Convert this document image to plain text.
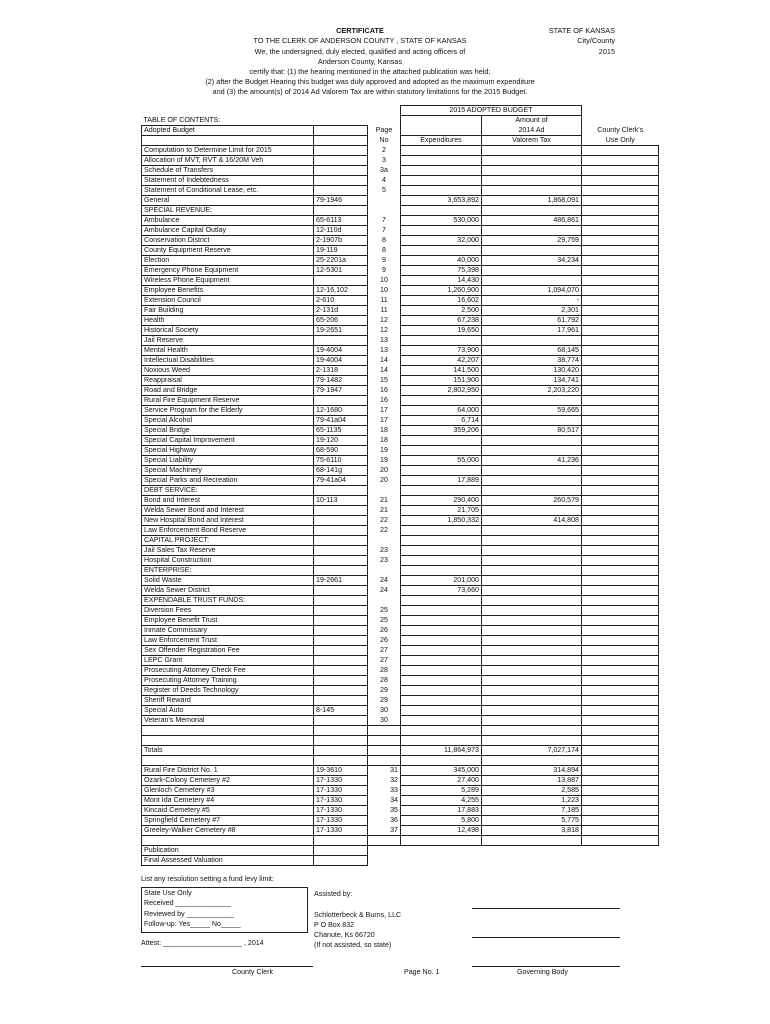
CERTIFICATE
TO THE CLERK OF ANDERSON COUNTY , STATE OF KANSAS
We, the undersigned, duly elected, qualified and acting officers of
Anderson County, Kansas
STATE OF KANSAS
City/County
2015
certify that: (1) the hearing mentioned in the attached publication was held;
(2) after the Budget Hearing this budget was duly approved and adopted as the maximum expenditure
and (3) the amount(s) of 2014 Ad Valorem Tax are within statutory limitations for the 2015 Budget.
			2015 ADOPTED BUDGET		
TABLE OF CONTENTS:				Amount of	
Adopted Budget		Page		2014 Ad	County Clerk's
		No	Expenditures	Valorem Tax	Use Only
Computation to Determine Limit for 2015		2			
Allocation of MVT, RVT & 16/20M Veh		3			
Schedule of Transfers		3a			
Statement of Indebtedness		4			
Statement of Conditional Lease, etc.		5			
General	79-1946		3,653,892	1,868,091	
SPECIAL REVENUE:					
Ambulance	65-6113	7	530,000	486,861	
Ambulance Capital Outlay	12-110d	7			
Conservation District	2-1907b	8	32,000	29,759	
County Equipment Reserve	19-119	8			
Election	25-2201a	9	40,000	34,234	
Emergency Phone Equipment	12-5301	9	75,398		
Wireless Phone Equipment		10	14,430		
Employee Benefits	12-16,102	10	1,260,900	1,094,070	
Extension Council	2-610	11	16,602	-	
Fair Building	2-131d	11	2,500	2,301	
Health	65-206	12	67,238	61,792	
Historical Society	19-2651	12	19,650	17,961	
Jail Reserve		13			
Mental Health	19-4004	13	73,900	68,145	
Intellectual Disabilities	19-4004	14	42,207	38,774	
Noxious Weed	2-1318	14	141,500	130,420	
Reappraisal	79-1482	15	151,900	134,741	
Road and Bridge	79-1947	16	2,802,950	2,203,220	
Rural Fire Equipment Reserve		16			
Service Program for the Elderly	12-1680	17	64,000	59,665	
Special Alcohol	79-41a04	17	6,714		
Special Bridge	65-1135	18	359,206	80,517	
Special Capital Improvement	19-120	18			
Special Highway	68-590	19			
Special Liability	75-6110	19	55,000	41,236	
Special Machinery	68-141g	20			
Special Parks and Recreation	79-41a04	20	17,889		
DEBT SERVICE:					
Bond and Interest	10-113	21	290,400	260,579	
Welda Sewer Bond and Interest		21	21,705		
New Hospital Bond and Interest		22	1,850,332	414,808	
Law Enforcement Bond Reserve		22			
CAPITAL PROJECT:					
Jail Sales Tax Reserve		23			
Hospital Construction		23			
ENTERPRISE:					
Solid Waste	19-2661	24	201,000		
Welda Sewer District		24	73,660		
EXPENDABLE TRUST FUNDS:					
Diversion Fees		25			
Employee Benefit Trust		25			
Inmate Commissary		26			
Law Enforcement Trust		26			
Sex Offender Registration Fee		27			
LEPC Grant		27			
Prosecuting Attorney Check Fee		28			
Prosecuting Attorney Training		28			
Register of Deeds Technology		29			
Sheriff Reward		29			
Special Auto	8-145	30			
Veteran's Memorial		30			

Totals			11,864,973	7,027,174	

Rural Fire District No. 1	19-3610	31	345,000	314,894	
Ozark-Colony Cemetery #2	17-1330	32	27,400	13,887	
Glenloch Cemetery #3	17-1330	33	5,289	2,585	
Mont Ida Cemetery #4	17-1330	34	4,255	1,223	
Kincaid Cemetery #5	17-1330	35	17,883	7,185	
Springfield Cemetery #7	17-1330	36	5,800	5,775	
Greeley-Walker Cemetery #8	17-1330	37	12,498	3,818	

Publication					
Final Assessed Valuation					
List any resolution setting a fund levy limit:
State Use Only
Received ______________
Reviewed by ____________
Follow-up: Yes_____ No_____
Assisted by:
Schlotterbeck & Burns, LLC
P O Box 832
Chanute, Ks 66720
(If not assisted, so state)
Attest: ____________________ , 2014
County Clerk	Page No. 1	Governing Body
